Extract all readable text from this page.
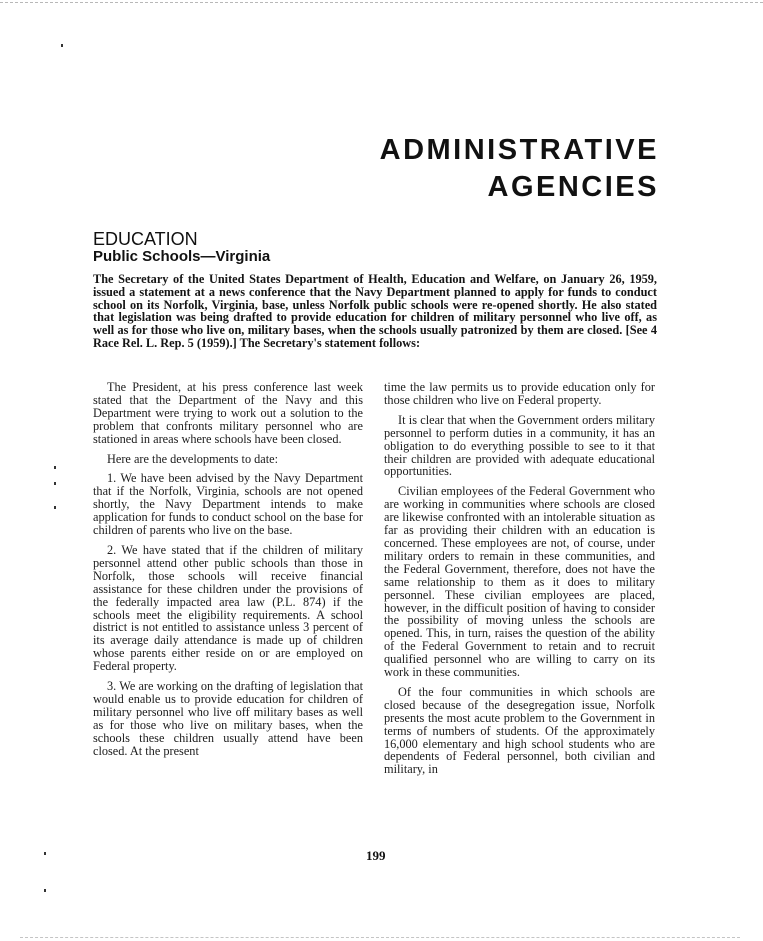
ADMINISTRATIVE
AGENCIES
EDUCATION
Public Schools—Virginia

The Secretary of the United States Department of Health, Education and Welfare, on January 26, 1959, issued a statement at a news conference that the Navy Department planned to apply for funds to conduct school on its Norfolk, Virginia, base, unless Norfolk public schools were re-opened shortly. He also stated that legislation was being drafted to provide education for children of military personnel who live off, as well as for those who live on, military bases, when the schools usually patronized by them are closed. [See 4 Race Rel. L. Rep. 5 (1959).] The Secretary's statement follows:

The President, at his press conference last week stated that the Department of the Navy and this Department were trying to work out a solution to the problem that confronts military personnel who are stationed in areas where schools have been closed.

Here are the developments to date:

1. We have been advised by the Navy Department that if the Norfolk, Virginia, schools are not opened shortly, the Navy Department intends to make application for funds to conduct school on the base for children of parents who live on the base.

2. We have stated that if the children of military personnel attend other public schools than those in Norfolk, those schools will receive financial assistance for these children under the provisions of the federally impacted area law (P.L. 874) if the schools meet the eligibility requirements. A school district is not entitled to assistance unless 3 percent of its average daily attendance is made up of children whose parents either reside on or are employed on Federal property.

3. We are working on the drafting of legislation that would enable us to provide education for children of military personnel who live off military bases as well as for those who live on military bases, when the schools these children usually attend have been closed. At the present

time the law permits us to provide education only for those children who live on Federal property.

It is clear that when the Government orders military personnel to perform duties in a community, it has an obligation to do everything possible to see to it that their children are provided with adequate educational opportunities.

Civilian employees of the Federal Government who are working in communities where schools are closed are likewise confronted with an intolerable situation as far as providing their children with an education is concerned. These employees are not, of course, under military orders to remain in these communities, and the Federal Government, therefore, does not have the same relationship to them as it does to military personnel. These civilian employees are placed, however, in the difficult position of having to consider the possibility of moving unless the schools are opened. This, in turn, raises the question of the ability of the Federal Government to retain and to recruit qualified personnel who are willing to carry on its work in these communities.

Of the four communities in which schools are closed because of the desegregation issue, Norfolk presents the most acute problem to the Government in terms of numbers of students. Of the approximately 16,000 elementary and high school students who are dependents of Federal personnel, both civilian and military, in

199
